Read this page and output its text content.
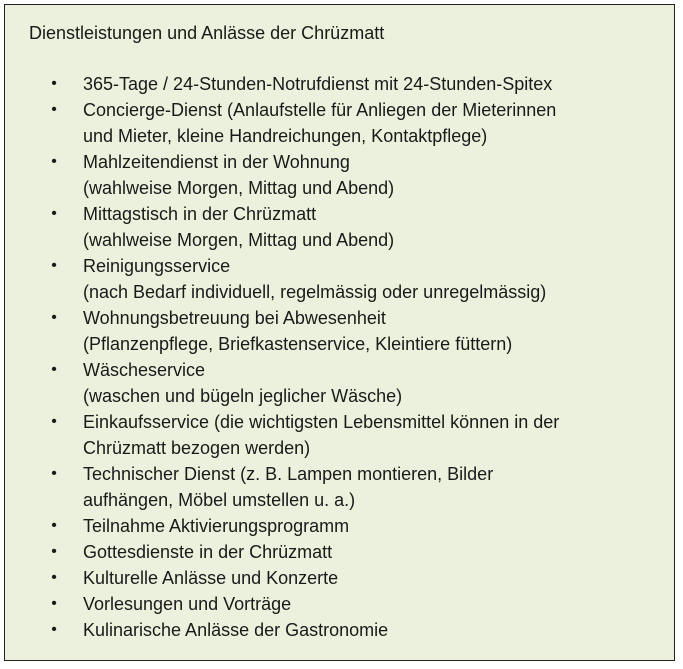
Dienstleistungen und Anlässe der Chrüzmatt
•	365-Tage / 24-Stunden-Notrufdienst mit 24-Stunden-Spitex
•	Concierge-Dienst (Anlaufstelle für Anliegen der Mieterinnen
und Mieter, kleine Handreichungen, Kontaktpflege)
•	Mahlzeitendienst in der Wohnung
(wahlweise Morgen, Mittag und Abend)
•	Mittagstisch in der Chrüzmatt
(wahlweise Morgen, Mittag und Abend)
•	Reinigungsservice
(nach Bedarf individuell, regelmässig oder unregelmässig)
•	Wohnungsbetreuung bei Abwesenheit
(Pflanzenpflege, Briefkastenservice, Kleintiere füttern)
•	Wäscheservice
(waschen und bügeln jeglicher Wäsche)
•	Einkaufsservice (die wichtigsten Lebensmittel können in der
Chrüzmatt bezogen werden)
•	Technischer Dienst (z. B. Lampen montieren, Bilder
aufhängen, Möbel umstellen u. a.)
•	Teilnahme Aktivierungsprogramm
•	Gottesdienste in der Chrüzmatt
•	Kulturelle Anlässe und Konzerte
•	Vorlesungen und Vorträge
•	Kulinarische Anlässe der Gastronomie
